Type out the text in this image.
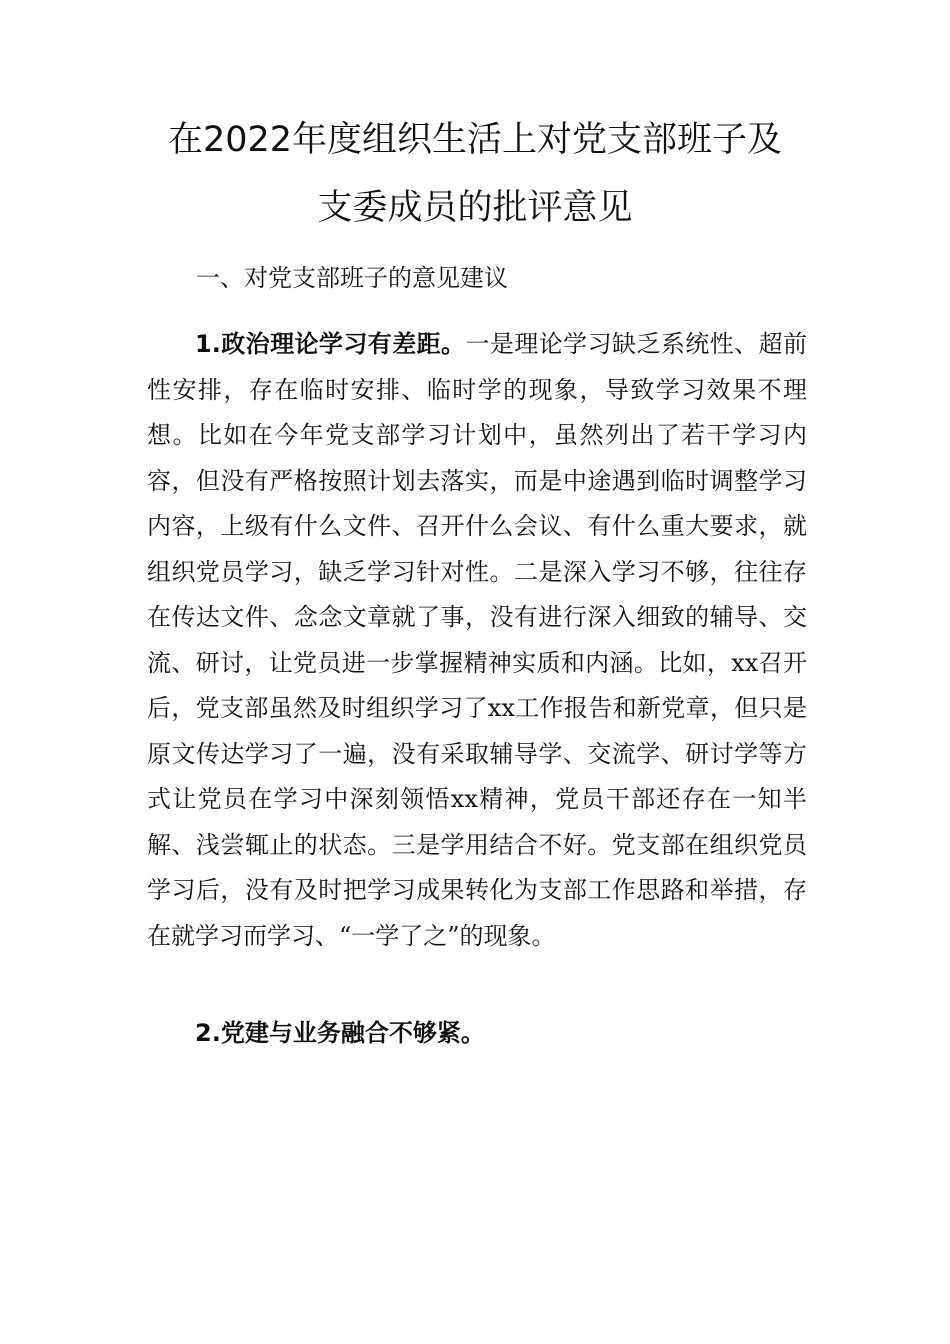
在2022年度组织生活上对党支部班子及
支委成员的批评意见
一、对党支部班子的意见建议

1.政治理论学习有差距。一是理论学习缺乏系统性、超前性安排，存在临时安排、临时学的现象，导致学习效果不理想。比如在今年党支部学习计划中，虽然列出了若干学习内容，但没有严格按照计划去落实，而是中途遇到临时调整学习内容，上级有什么文件、召开什么会议、有什么重大要求，就组织党员学习，缺乏学习针对性。二是深入学习不够，往往存在传达文件、念念文章就了事，没有进行深入细致的辅导、交流、研讨，让党员进一步掌握精神实质和内涵。比如，xx召开后，党支部虽然及时组织学习了xx工作报告和新党章，但只是原文传达学习了一遍，没有采取辅导学、交流学、研讨学等方式让党员在学习中深刻领悟xx精神，党员干部还存在一知半解、浅尝辄止的状态。三是学用结合不好。党支部在组织党员学习后，没有及时把学习成果转化为支部工作思路和举措，存在就学习而学习、“一学了之”的现象。

2.党建与业务融合不够紧。
